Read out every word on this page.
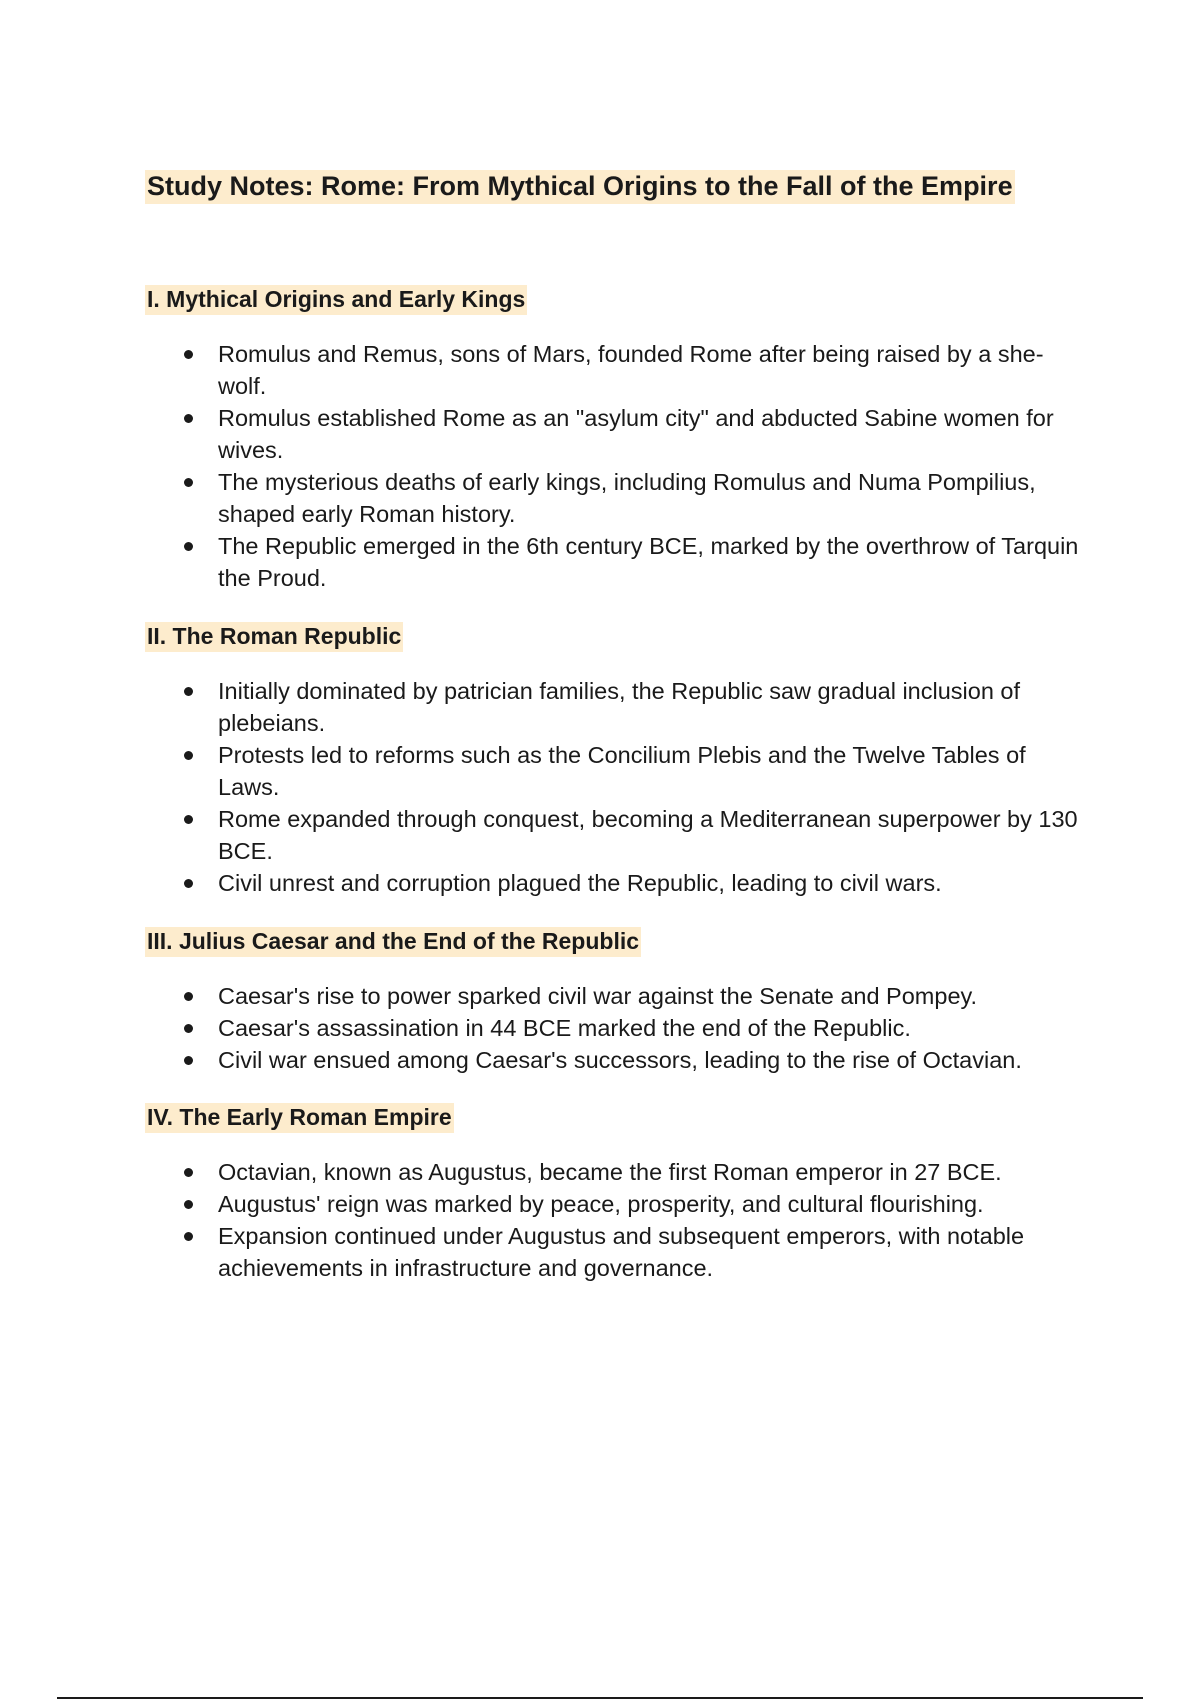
Study Notes: Rome: From Mythical Origins to the Fall of the Empire
I. Mythical Origins and Early Kings
Romulus and Remus, sons of Mars, founded Rome after being raised by a she-wolf.
Romulus established Rome as an "asylum city" and abducted Sabine women for wives.
The mysterious deaths of early kings, including Romulus and Numa Pompilius, shaped early Roman history.
The Republic emerged in the 6th century BCE, marked by the overthrow of Tarquin the Proud.
II. The Roman Republic
Initially dominated by patrician families, the Republic saw gradual inclusion of plebeians.
Protests led to reforms such as the Concilium Plebis and the Twelve Tables of Laws.
Rome expanded through conquest, becoming a Mediterranean superpower by 130 BCE.
Civil unrest and corruption plagued the Republic, leading to civil wars.
III. Julius Caesar and the End of the Republic
Caesar's rise to power sparked civil war against the Senate and Pompey.
Caesar's assassination in 44 BCE marked the end of the Republic.
Civil war ensued among Caesar's successors, leading to the rise of Octavian.
IV. The Early Roman Empire
Octavian, known as Augustus, became the first Roman emperor in 27 BCE.
Augustus' reign was marked by peace, prosperity, and cultural flourishing.
Expansion continued under Augustus and subsequent emperors, with notable achievements in infrastructure and governance.
